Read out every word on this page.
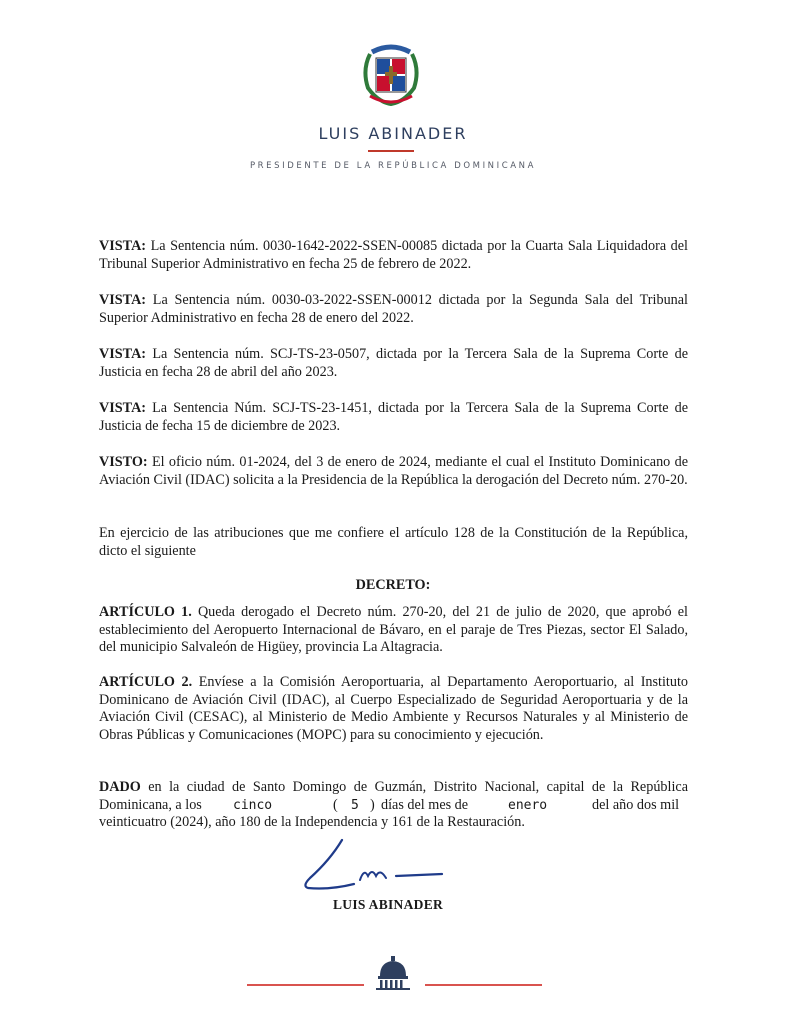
LUIS ABINADER
PRESIDENTE DE LA REPÚBLICA DOMINICANA
VISTA: La Sentencia núm. 0030-1642-2022-SSEN-00085 dictada por la Cuarta Sala Liquidadora del Tribunal Superior Administrativo en fecha 25 de febrero de 2022.
VISTA: La Sentencia núm. 0030-03-2022-SSEN-00012 dictada por la Segunda Sala del Tribunal Superior Administrativo en fecha 28 de enero del 2022.
VISTA: La Sentencia núm. SCJ-TS-23-0507, dictada por la Tercera Sala de la Suprema Corte de Justicia en fecha 28 de abril del año 2023.
VISTA: La Sentencia Núm. SCJ-TS-23-1451, dictada por la Tercera Sala de la Suprema Corte de Justicia de fecha 15 de diciembre de 2023.
VISTO: El oficio núm. 01-2024, del 3 de enero de 2024, mediante el cual el Instituto Dominicano de Aviación Civil (IDAC) solicita a la Presidencia de la República la derogación del Decreto núm. 270-20.
En ejercicio de las atribuciones que me confiere el artículo 128 de la Constitución de la República, dicto el siguiente
DECRETO:
ARTÍCULO 1. Queda derogado el Decreto núm. 270-20, del 21 de julio de 2020, que aprobó el establecimiento del Aeropuerto Internacional de Bávaro, en el paraje de Tres Piezas, sector El Salado, del municipio Salvaleón de Higüey, provincia La Altagracia.
ARTÍCULO 2. Envíese a la Comisión Aeroportuaria, al Departamento Aeroportuario, al Instituto Dominicano de Aviación Civil (IDAC), al Cuerpo Especializado de Seguridad Aeroportuaria y de la Aviación Civil (CESAC), al Ministerio de Medio Ambiente y Recursos Naturales y al Ministerio de Obras Públicas y Comunicaciones (MOPC) para su conocimiento y ejecución.
DADO en la ciudad de Santo Domingo de Guzmán, Distrito Nacional, capital de la República
Dominicana, a los cinco	( 5 ) días del mes de	enero	del año dos mil
veinticuatro (2024), año 180 de la Independencia y 161 de la Restauración.
LUIS ABINADER
